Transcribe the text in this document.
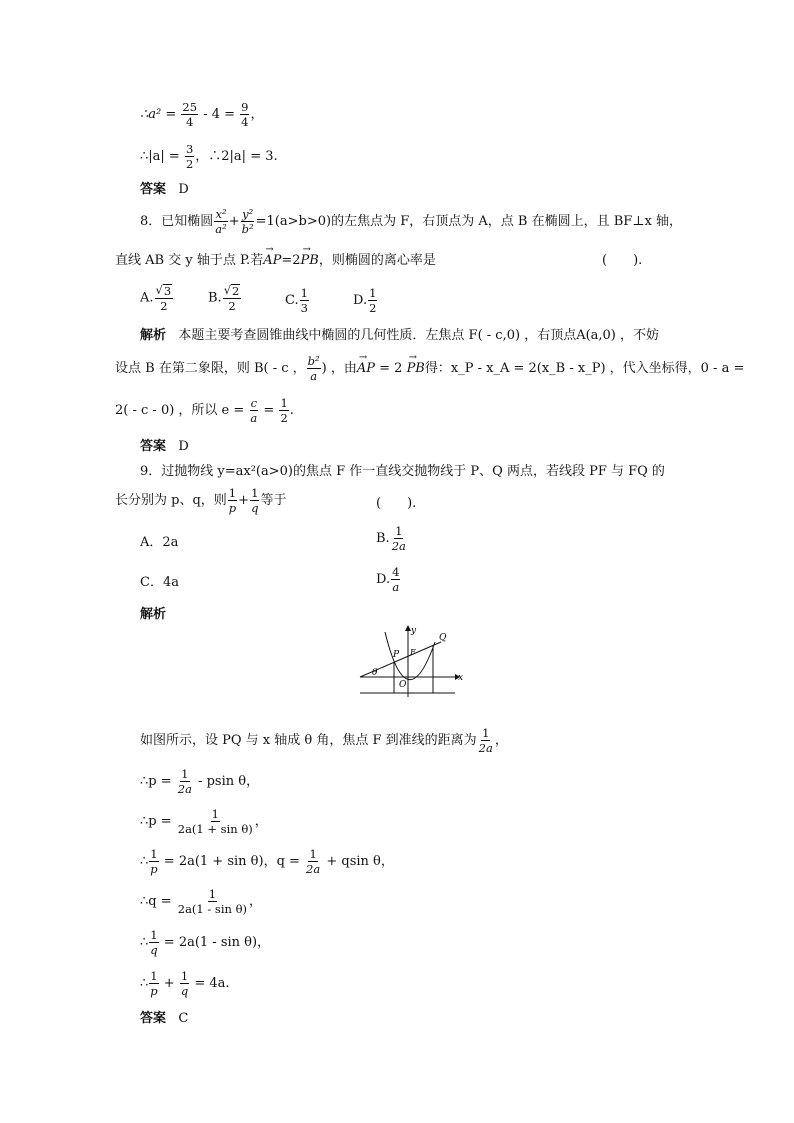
∴a² = $\frac{25}{4} - 4 = \frac{9}{4}$ ，
∴|a| = $\frac{3}{2}$ ，∴2|a| = 3.
答案 D
8．已知椭圆 $\frac{\text{x²}}{\text{a²}} + \frac{\text{y²}}{\text{b²}} =1(a>b>0)$的左焦点为 F，右顶点为 A，点 B 在椭圆上，且 BF⊥x 轴，
直线 AB 交 y 轴于点 P.若→ AP=2→ PB，则椭圆的离心率是	(　　).
A. $\frac{√ 3}{2}$	B. $\frac{√ 2}{2}$	C. $\frac{1}{3}$	D. $\frac{1}{2}$
解析 本题主要考查圆锥曲线中椭圆的几何性质．左焦点 F( - c,0) ，右顶点A(a,0) ，不妨
设点 B 在第二象限，则 B( - c ， $\frac{\text{b²}}{a}$ ) ，由→ AP = 2 → PB得：x_P - x_A = 2(x_B - x_P) ，代入坐标得，0 - a =
2( - c - 0) ，所以 $e = \frac{c}{a} = \frac{1}{2}$ .
答案 D
9．过抛物线 y=ax²(a>0)的焦点 F 作一直线交抛物线于 P、Q 两点，若线段 PF 与 FQ 的
长分别为 p、q，则 $\frac{1}{p} + \frac{1}{q}$ 等于	(　　).
A．2a	B. $\frac{1}{2a}$
C．4a	D. $\frac{4}{a}$
解析
y
x
Q
P F
O
θ
如图所示，设 PQ 与 x 轴成 θ 角，焦点 F 到准线的距离为 $\frac{1}{2a}$ ，
∴p = $\frac{1}{2a}$ - psin θ，
∴p = $\frac{1}{\text{2a(1 + sin θ)}}$ ，
∴ $\frac{1}{p} = 2a(1 + \sin \theta)$，$q = \frac{1}{2a} + qsin$ θ，
∴q = $\frac{1}{\text{2a(1 - sin θ)}}$ ，
∴ $\frac{1}{q} = 2a(1 - \sin \theta)$，
∴ $\frac{1}{p} + \frac{1}{q} = 4a$.
答案 C
